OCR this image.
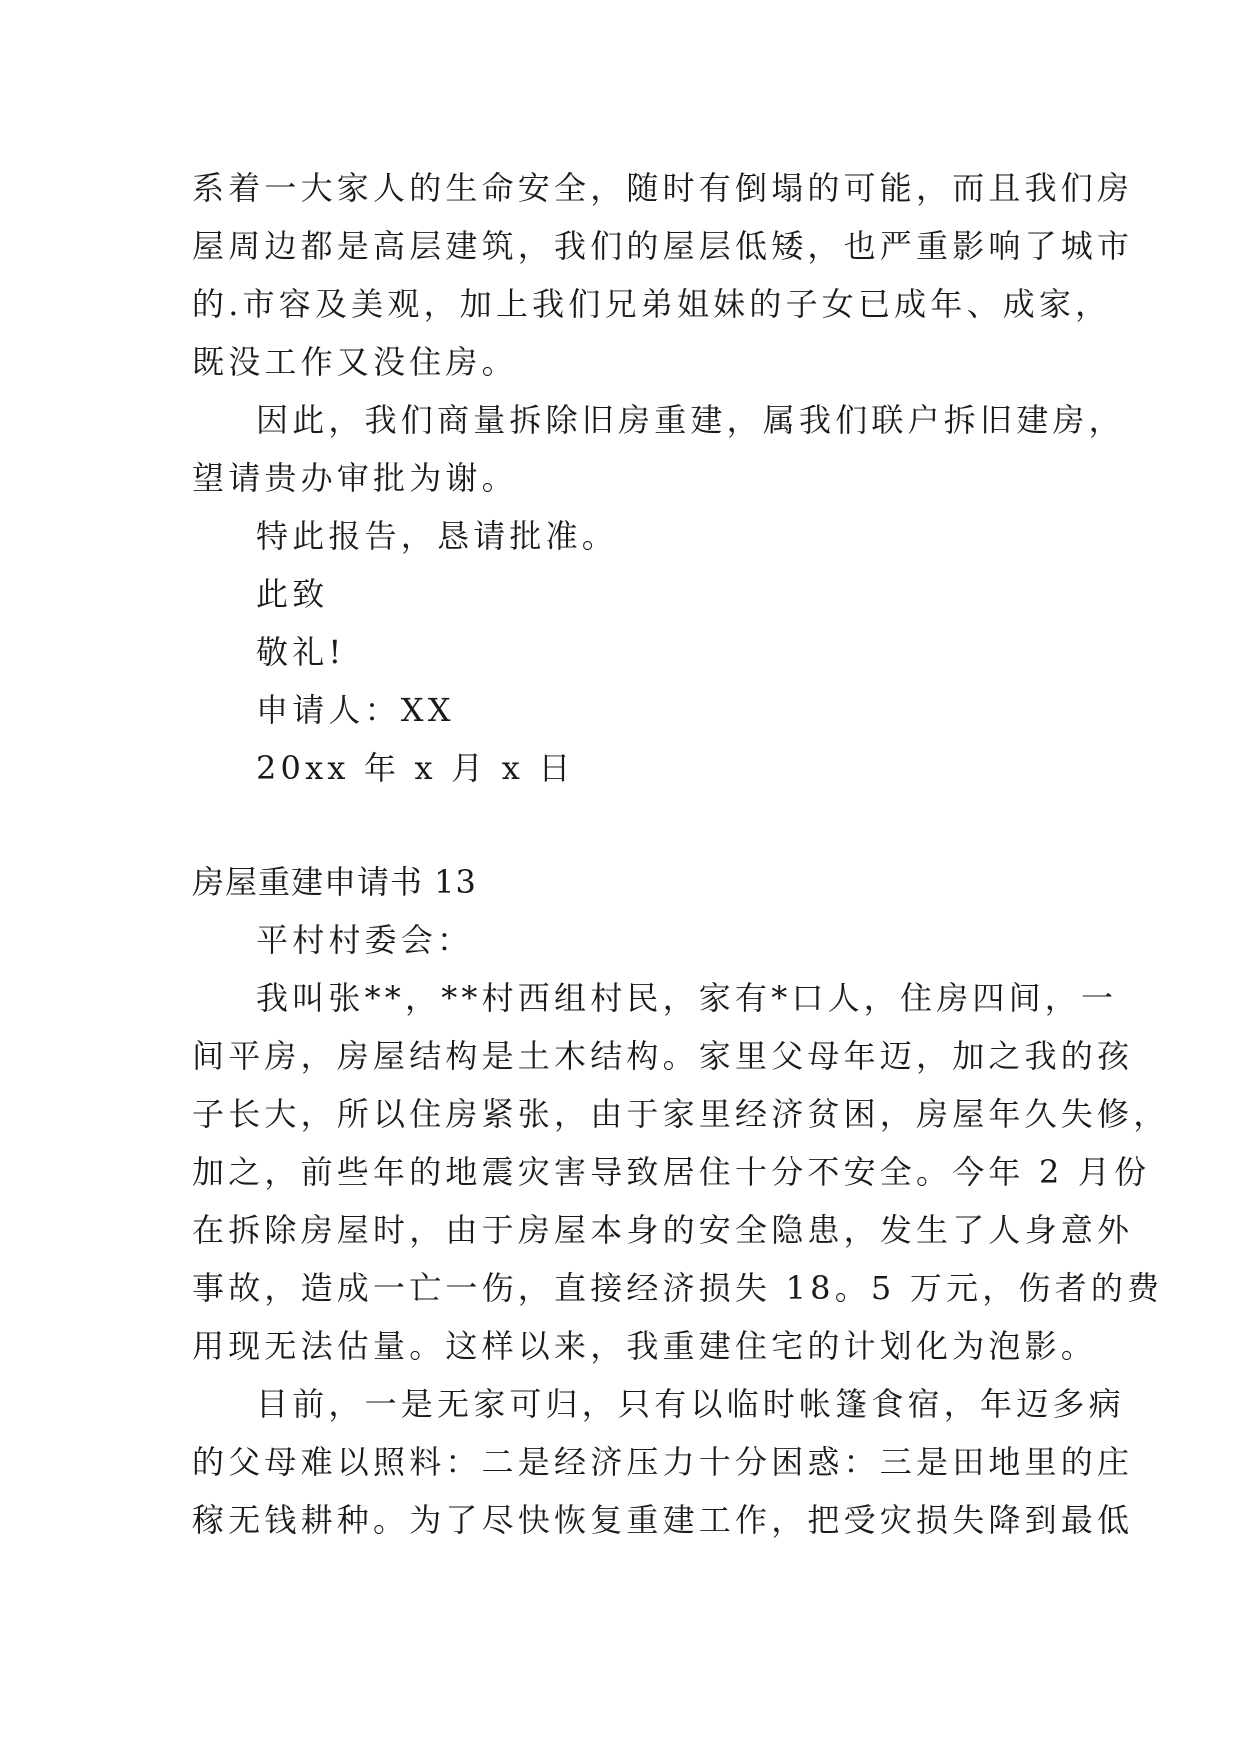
系着一大家人的生命安全，随时有倒塌的可能，而且我们房
屋周边都是高层建筑，我们的屋层低矮，也严重影响了城市
的.市容及美观，加上我们兄弟姐妹的子女已成年、成家，
既没工作又没住房。
因此，我们商量拆除旧房重建，属我们联户拆旧建房，
望请贵办审批为谢。
特此报告，恳请批准。
此致
敬礼!
申请人：XX
20xx 年 x 月 x 日
房屋重建申请书 13
平村村委会：
我叫张**，**村西组村民，家有*口人，住房四间，一
间平房，房屋结构是土木结构。家里父母年迈，加之我的孩
子长大，所以住房紧张，由于家里经济贫困，房屋年久失修，
加之，前些年的地震灾害导致居住十分不安全。今年 2 月份
在拆除房屋时，由于房屋本身的安全隐患，发生了人身意外
事故，造成一亡一伤，直接经济损失 18。5 万元，伤者的费
用现无法估量。这样以来，我重建住宅的计划化为泡影。
目前，一是无家可归，只有以临时帐篷食宿，年迈多病
的父母难以照料：二是经济压力十分困惑：三是田地里的庄
稼无钱耕种。为了尽快恢复重建工作，把受灾损失降到最低
